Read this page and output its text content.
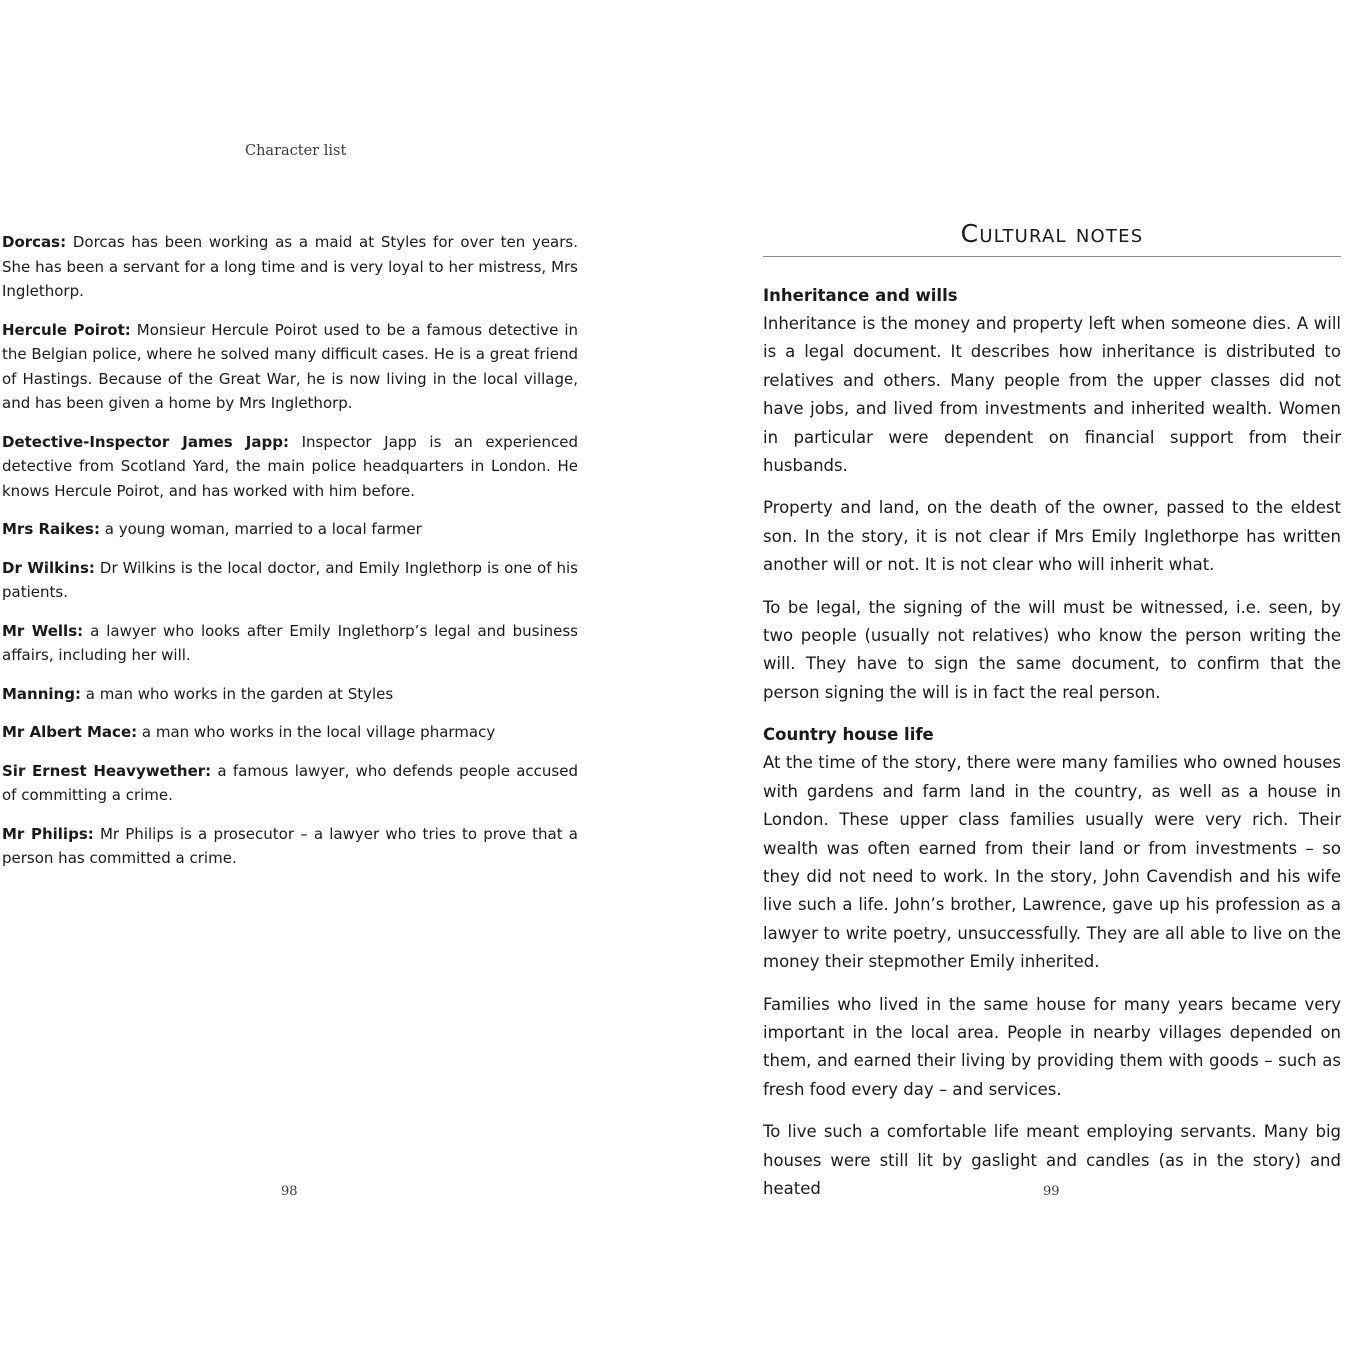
Character list

Dorcas: Dorcas has been working as a maid at Styles for over ten years. She has been a servant for a long time and is very loyal to her mistress, Mrs Inglethorp.

Hercule Poirot: Monsieur Hercule Poirot used to be a famous detective in the Belgian police, where he solved many difficult cases. He is a great friend of Hastings. Because of the Great War, he is now living in the local village, and has been given a home by Mrs Inglethorp.

Detective-Inspector James Japp: Inspector Japp is an experienced detective from Scotland Yard, the main police headquarters in London. He knows Hercule Poirot, and has worked with him before.

Mrs Raikes: a young woman, married to a local farmer

Dr Wilkins: Dr Wilkins is the local doctor, and Emily Inglethorp is one of his patients.

Mr Wells: a lawyer who looks after Emily Inglethorp’s legal and business affairs, including her will.

Manning: a man who works in the garden at Styles

Mr Albert Mace: a man who works in the local village pharmacy

Sir Ernest Heavywether: a famous lawyer, who defends people accused of committing a crime.

Mr Philips: Mr Philips is a prosecutor – a lawyer who tries to prove that a person has committed a crime.

98

Cultural notes
Inheritance and wills

Inheritance is the money and property left when someone dies. A will is a legal document. It describes how inheritance is distributed to relatives and others. Many people from the upper classes did not have jobs, and lived from investments and inherited wealth. Women in particular were dependent on financial support from their husbands.

Property and land, on the death of the owner, passed to the eldest son. In the story, it is not clear if Mrs Emily Inglethorpe has written another will or not. It is not clear who will inherit what.

To be legal, the signing of the will must be witnessed, i.e. seen, by two people (usually not relatives) who know the person writing the will. They have to sign the same document, to confirm that the person signing the will is in fact the real person.

Country house life

At the time of the story, there were many families who owned houses with gardens and farm land in the country, as well as a house in London. These upper class families usually were very rich. Their wealth was often earned from their land or from investments – so they did not need to work. In the story, John Cavendish and his wife live such a life. John’s brother, Lawrence, gave up his profession as a lawyer to write poetry, unsuccessfully. They are all able to live on the money their stepmother Emily inherited.

Families who lived in the same house for many years became very important in the local area. People in nearby villages depended on them, and earned their living by providing them with goods – such as fresh food every day – and services.

To live such a comfortable life meant employing servants. Many big houses were still lit by gaslight and candles (as in the story) and heated	99
